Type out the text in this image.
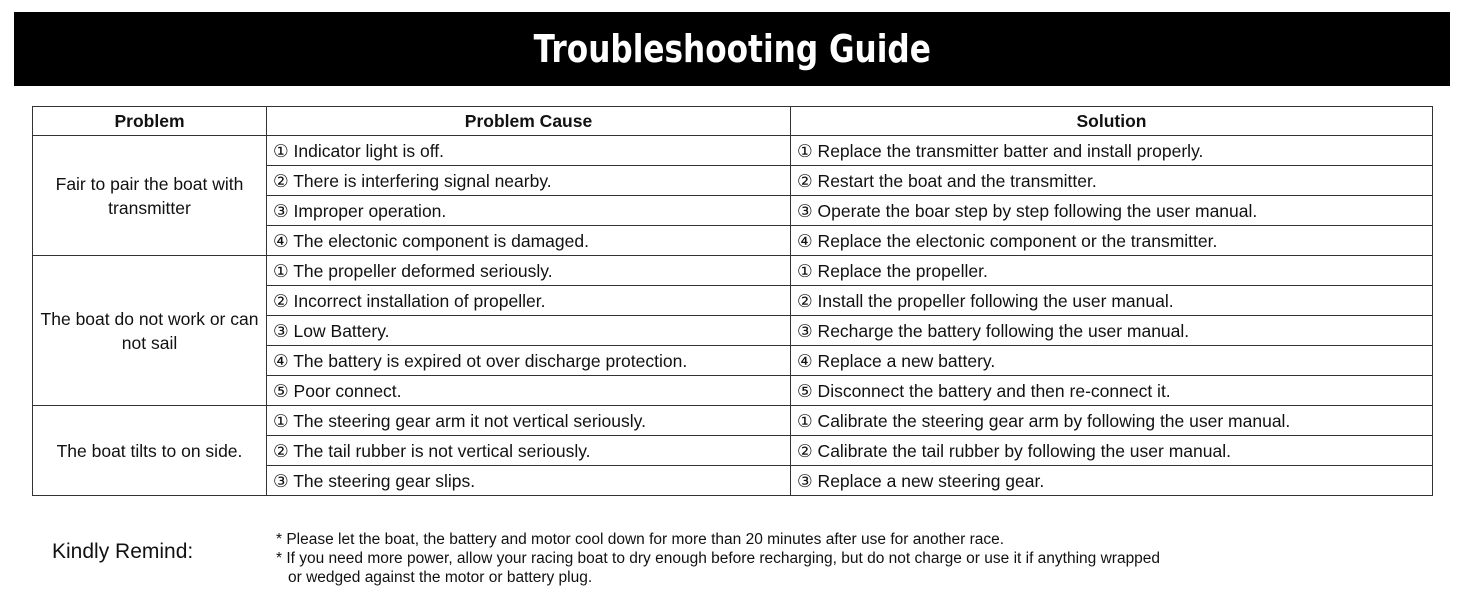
Troubleshooting Guide
Problem	Problem Cause	Solution
Fair to pair the boat with transmitter	① Indicator light is off.	① Replace the transmitter batter and install properly.
	② There is interfering signal nearby.	② Restart the boat and the transmitter.
	③ Improper operation.	③ Operate the boar step by step following the user manual.
	④ The electonic component is damaged.	④ Replace the electonic component or the transmitter.
The boat do not work or can not sail	① The propeller deformed seriously.	① Replace the propeller.
	② Incorrect installation of propeller.	② Install the propeller following the user manual.
	③ Low Battery.	③ Recharge the battery following the user manual.
	④ The battery is expired ot over discharge protection.	④ Replace a new battery.
	⑤ Poor connect.	⑤ Disconnect the battery and then re-connect it.
The boat tilts to on side.	① The steering gear arm it not vertical seriously.	① Calibrate the steering gear arm by following the user manual.
	② The tail rubber is not vertical seriously.	② Calibrate the tail rubber by following the user manual.
	③ The steering gear slips.	③ Replace a new steering gear.
Kindly Remind:

* Please let the boat, the battery and motor cool down for more than 20 minutes after use for another race.

* If you need more power, allow your racing boat to dry enough before recharging, but do not charge or use it if anything wrapped

or wedged against the motor or battery plug.
